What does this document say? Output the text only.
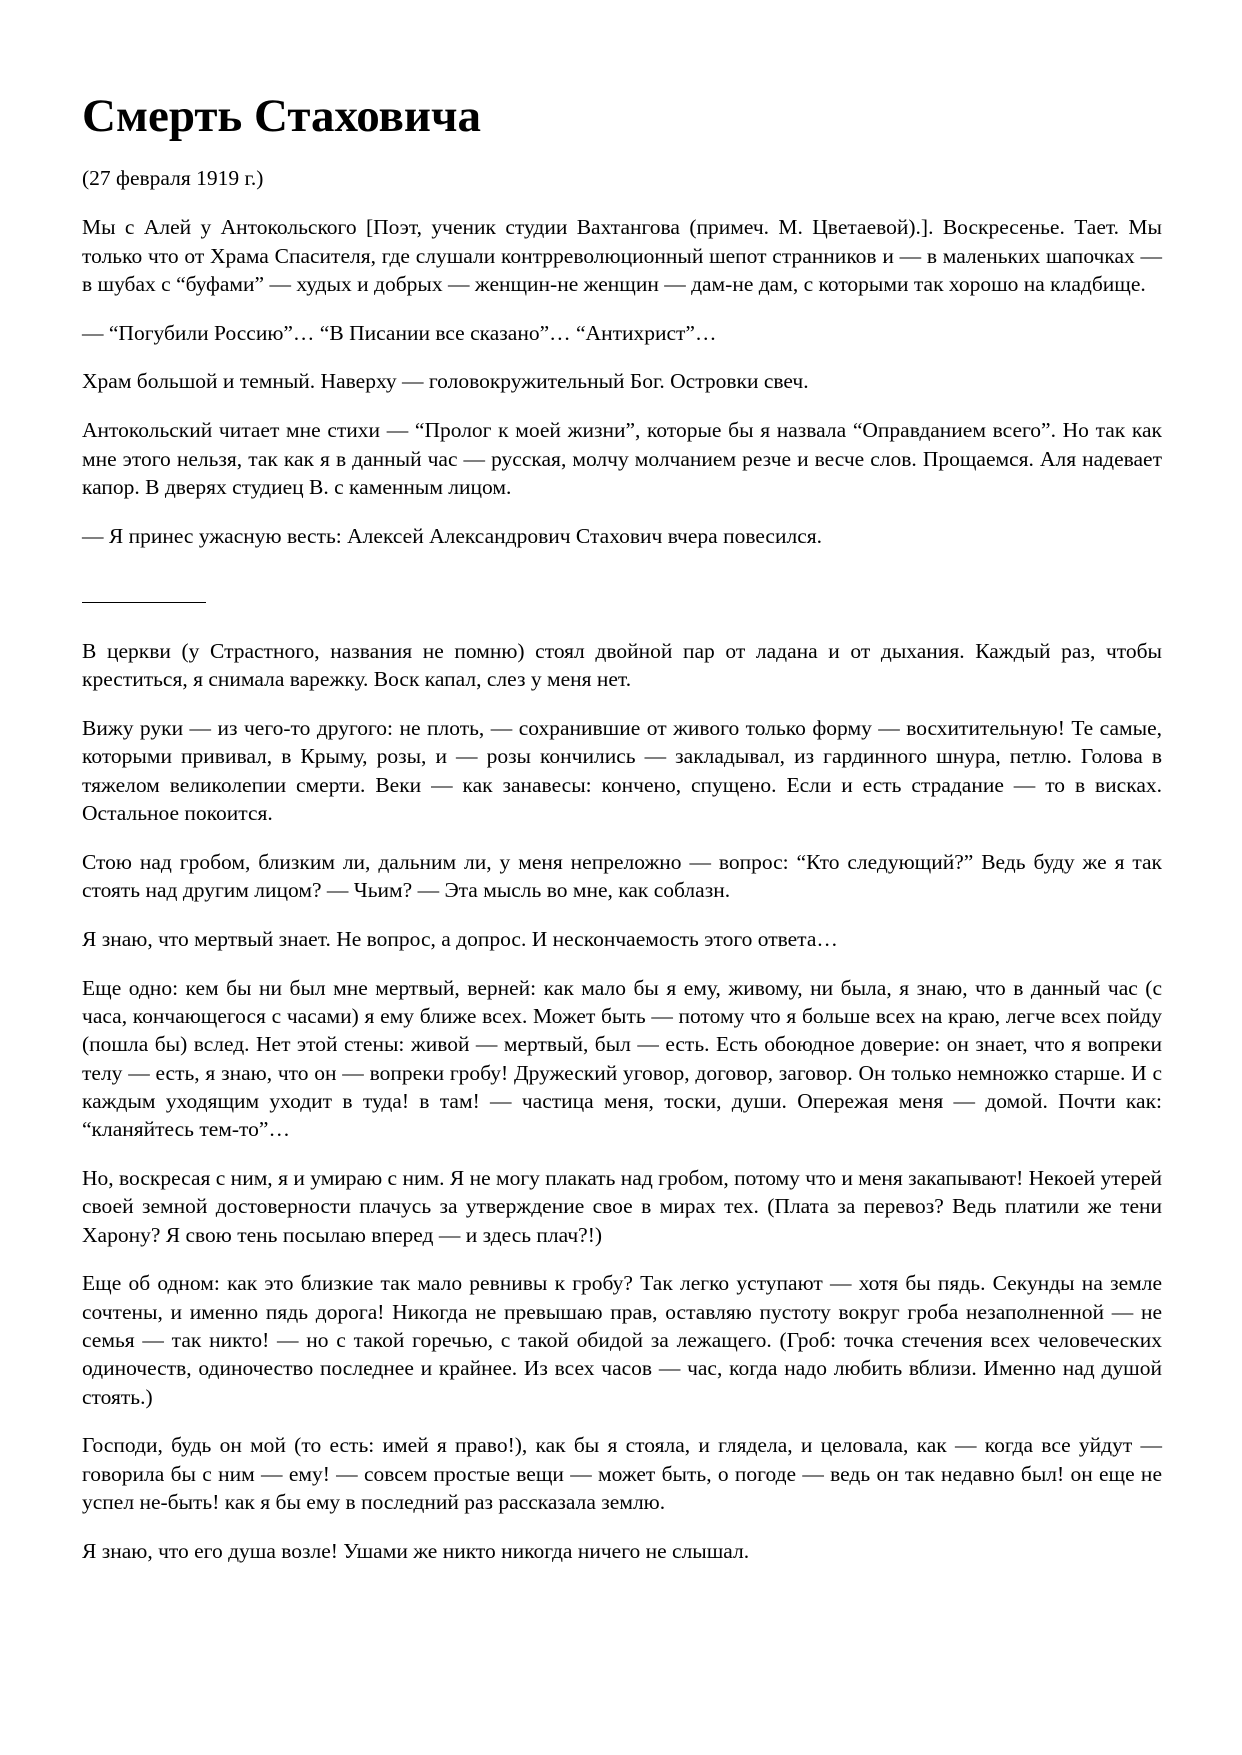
Смерть Стаховича

(27 февраля 1919 г.)

Мы с Алей у Антокольского [Поэт, ученик студии Вахтангова (примеч. М. Цветаевой).]. Воскресенье. Тает. Мы только что от Храма Спасителя, где слушали контрреволюционный шепот странников и — в маленьких шапочках — в шубах с “буфами” — худых и добрых — женщин-не женщин — дам-не дам, с которыми так хорошо на кладбище.

— “Погубили Россию”… “В Писании все сказано”… “Антихрист”…

Храм большой и темный. Наверху — головокружительный Бог. Островки свеч.

Антокольский читает мне стихи — “Пролог к моей жизни”, которые бы я назвала “Оправданием всего”. Но так как мне этого нельзя, так как я в данный час — русская, молчу молчанием резче и весче слов. Прощаемся. Аля надевает капор. В дверях студиец В. с каменным лицом.

— Я принес ужасную весть: Алексей Александрович Стахович вчера повесился.

В церкви (у Страстного, названия не помню) стоял двойной пар от ладана и от дыхания. Каждый раз, чтобы креститься, я снимала варежку. Воск капал, слез у меня нет.

Вижу руки — из чего-то другого: не плоть, — сохранившие от живого только форму — восхитительную! Те самые, которыми прививал, в Крыму, розы, и — розы кончились — закладывал, из гардинного шнура, петлю. Голова в тяжелом великолепии смерти. Веки — как занавесы: кончено, спущено. Если и есть страдание — то в висках. Остальное покоится.

Стою над гробом, близким ли, дальним ли, у меня непреложно — вопрос: “Кто следующий?” Ведь буду же я так стоять над другим лицом? — Чьим? — Эта мысль во мне, как соблазн.

Я знаю, что мертвый знает. Не вопрос, а допрос. И нескончаемость этого ответа…

Еще одно: кем бы ни был мне мертвый, верней: как мало бы я ему, живому, ни была, я знаю, что в данный час (с часа, кончающегося с часами) я ему ближе всех. Может быть — потому что я больше всех на краю, легче всех пойду (пошла бы) вслед. Нет этой стены: живой — мертвый, был — есть. Есть обоюдное доверие: он знает, что я вопреки телу — есть, я знаю, что он — вопреки гробу! Дружеский уговор, договор, заговор. Он только немножко старше. И с каждым уходящим уходит в туда! в там! — частица меня, тоски, души. Опережая меня — домой. Почти как: “кланяйтесь тем-то”…

Но, воскресая с ним, я и умираю с ним. Я не могу плакать над гробом, потому что и меня закапывают! Некоей утерей своей земной достоверности плачусь за утверждение свое в мирах тех. (Плата за перевоз? Ведь платили же тени Харону? Я свою тень посылаю вперед — и здесь плач?!)

Еще об одном: как это близкие так мало ревнивы к гробу? Так легко уступают — хотя бы пядь. Секунды на земле сочтены, и именно пядь дорога! Никогда не превышаю прав, оставляю пустоту вокруг гроба незаполненной — не семья — так никто! — но с такой горечью, с такой обидой за лежащего. (Гроб: точка стечения всех человеческих одиночеств, одиночество последнее и крайнее. Из всех часов — час, когда надо любить вблизи. Именно над душой стоять.)

Господи, будь он мой (то есть: имей я право!), как бы я стояла, и глядела, и целовала, как — когда все уйдут — говорила бы с ним — ему! — совсем простые вещи — может быть, о погоде — ведь он так недавно был! он еще не успел не-быть! как я бы ему в последний раз рассказала землю.

Я знаю, что его душа возле! Ушами же никто никогда ничего не слышал.
